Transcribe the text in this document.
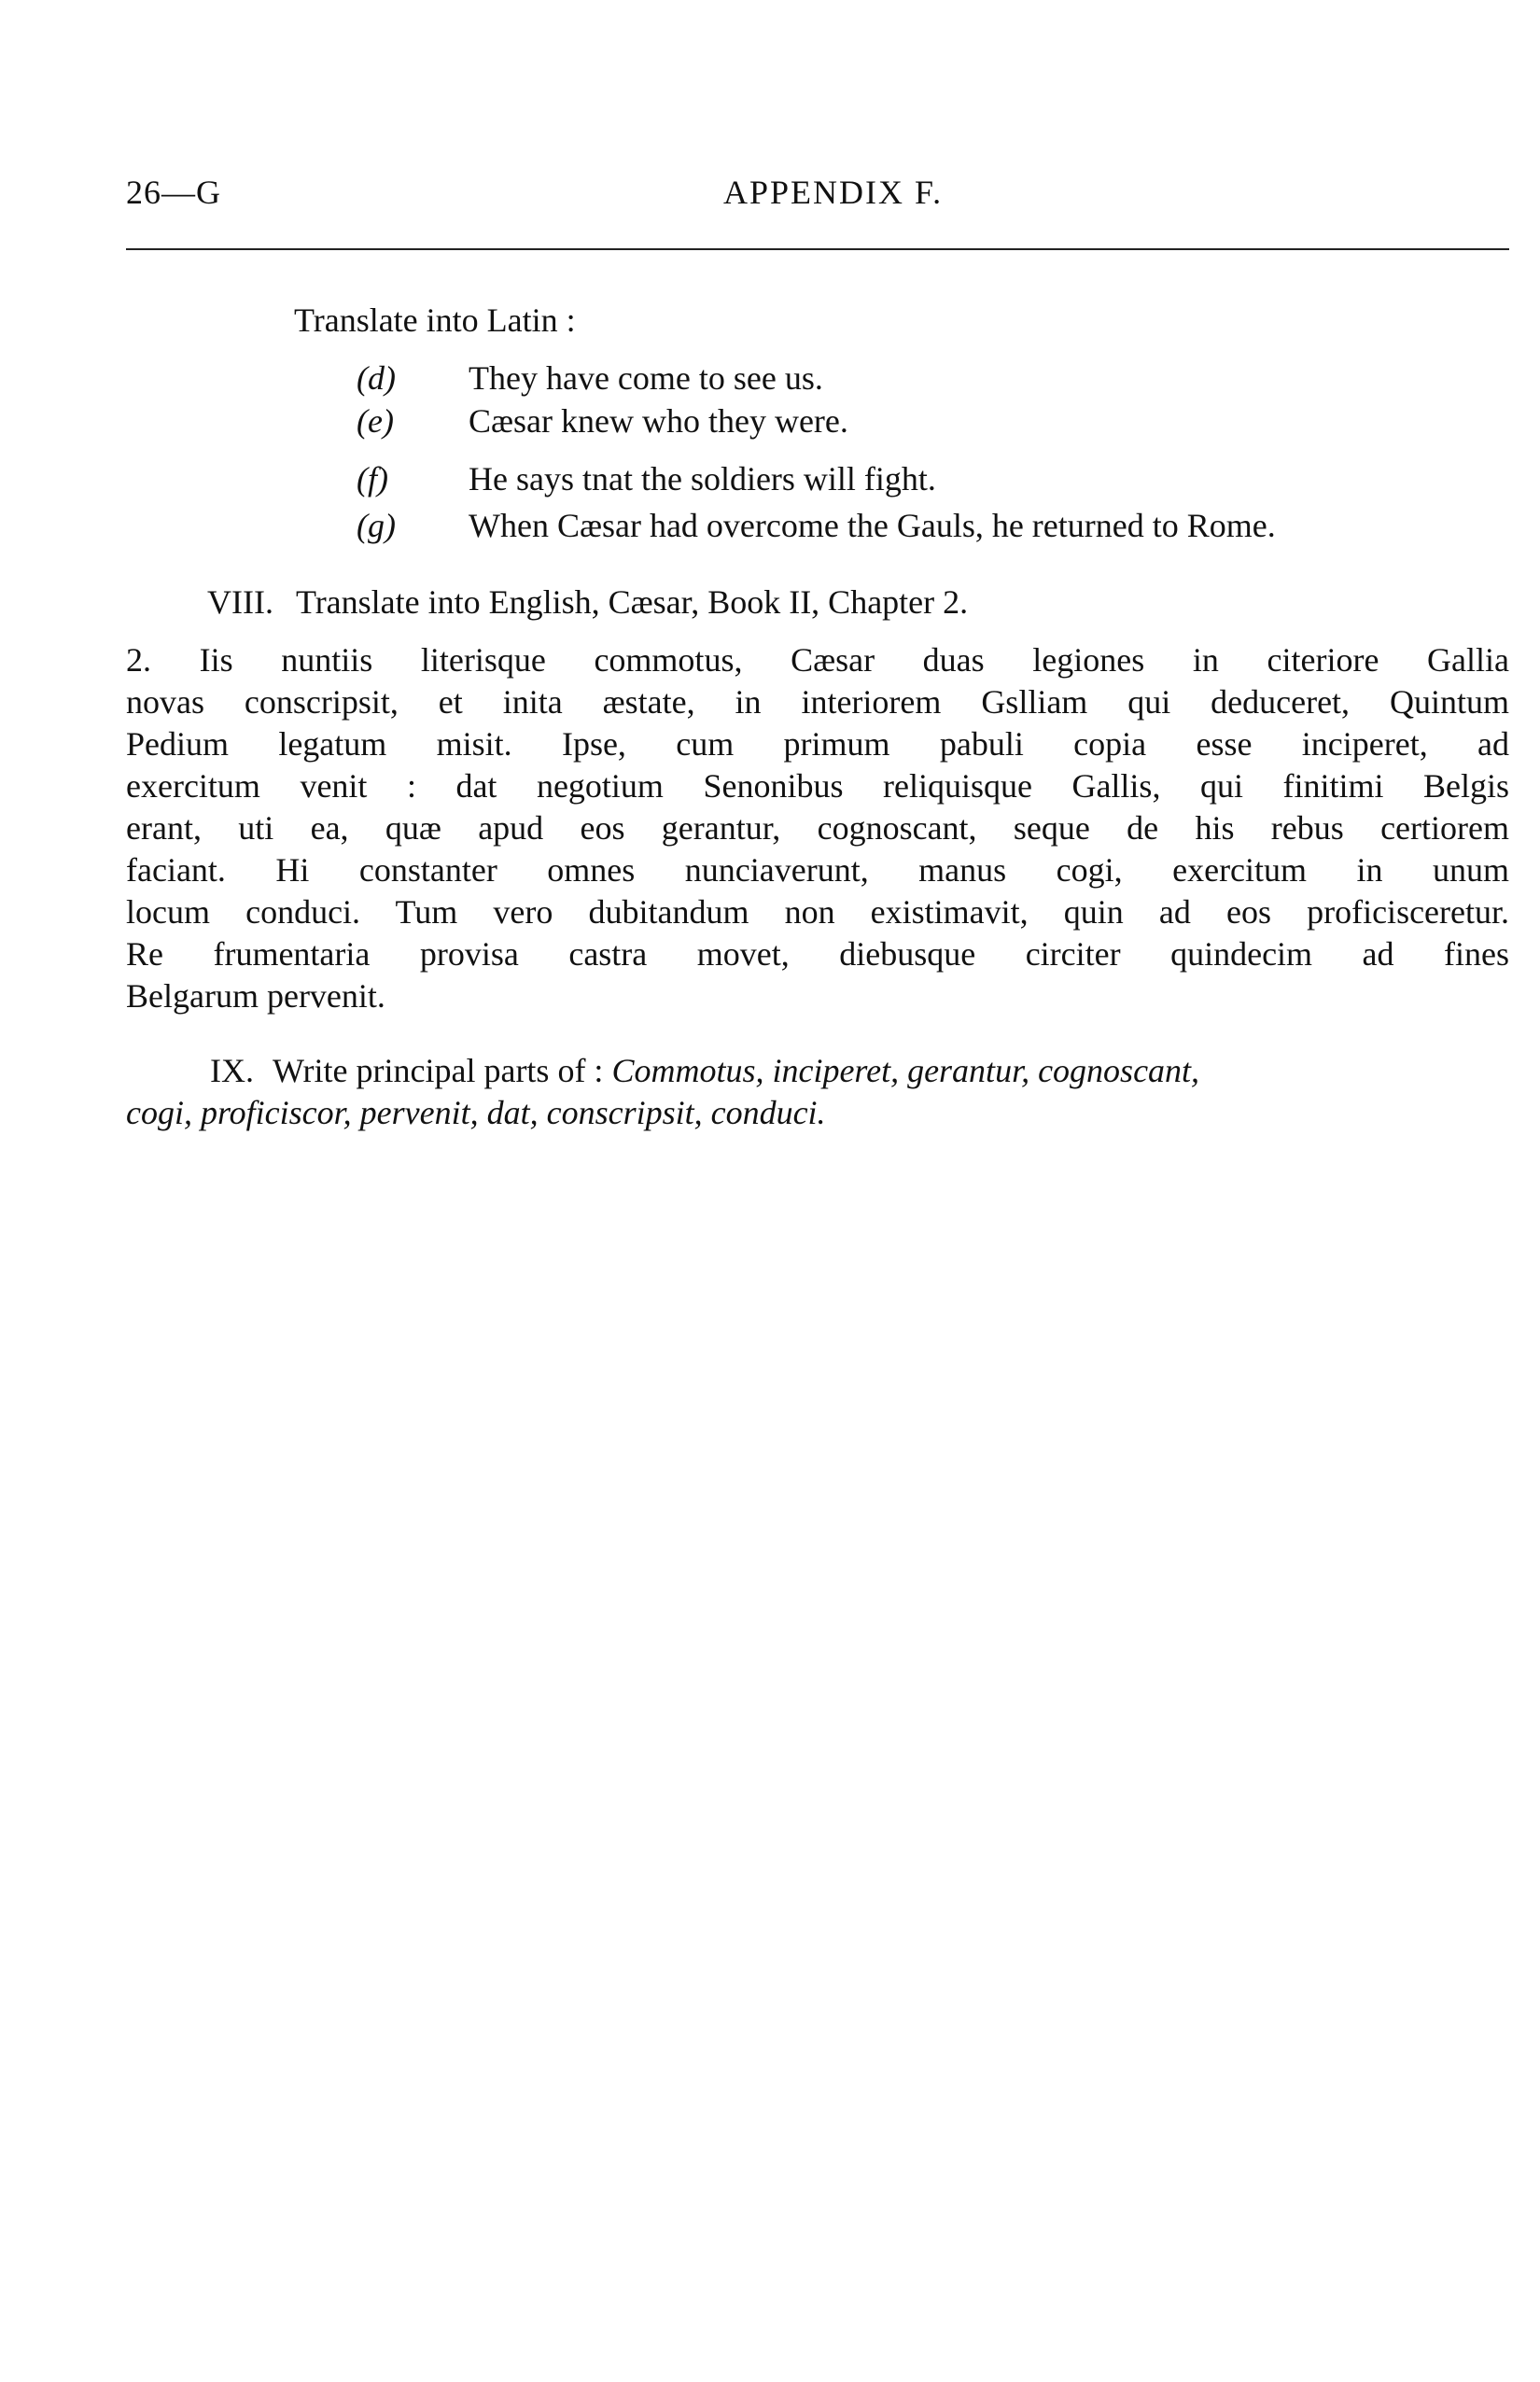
26—G	APPENDIX F.
Translate into Latin :
(d) They have come to see us.
(e) Cæsar knew who they were.
(f) He says tnat the soldiers will fight.
(g) When Cæsar had overcome the Gauls, he returned to Rome.
VIII. Translate into English, Cæsar, Book II, Chapter 2.
2. Iis nuntiis literisque commotus, Cæsar duas legiones in citeriore Gallia
novas conscripsit, et inita æstate, in interiorem Gslliam qui deduceret, Quintum
Pedium legatum misit. Ipse, cum primum pabuli copia esse inciperet, ad
exercitum venit : dat negotium Senonibus reliquisque Gallis, qui finitimi Belgis
erant, uti ea, quæ apud eos gerantur, cognoscant, seque de his rebus certiorem
faciant. Hi constanter omnes nunciaverunt, manus cogi, exercitum in unum
locum conduci. Tum vero dubitandum non existimavit, quin ad eos proficisceretur.
Re frumentaria provisa castra movet, diebusque circiter quindecim ad fines
Belgarum pervenit.
IX. Write principal parts of : Commotus, inciperet, gerantur, cognoscant,
cogi, proficiscor, pervenit, dat, conscripsit, conduci.
